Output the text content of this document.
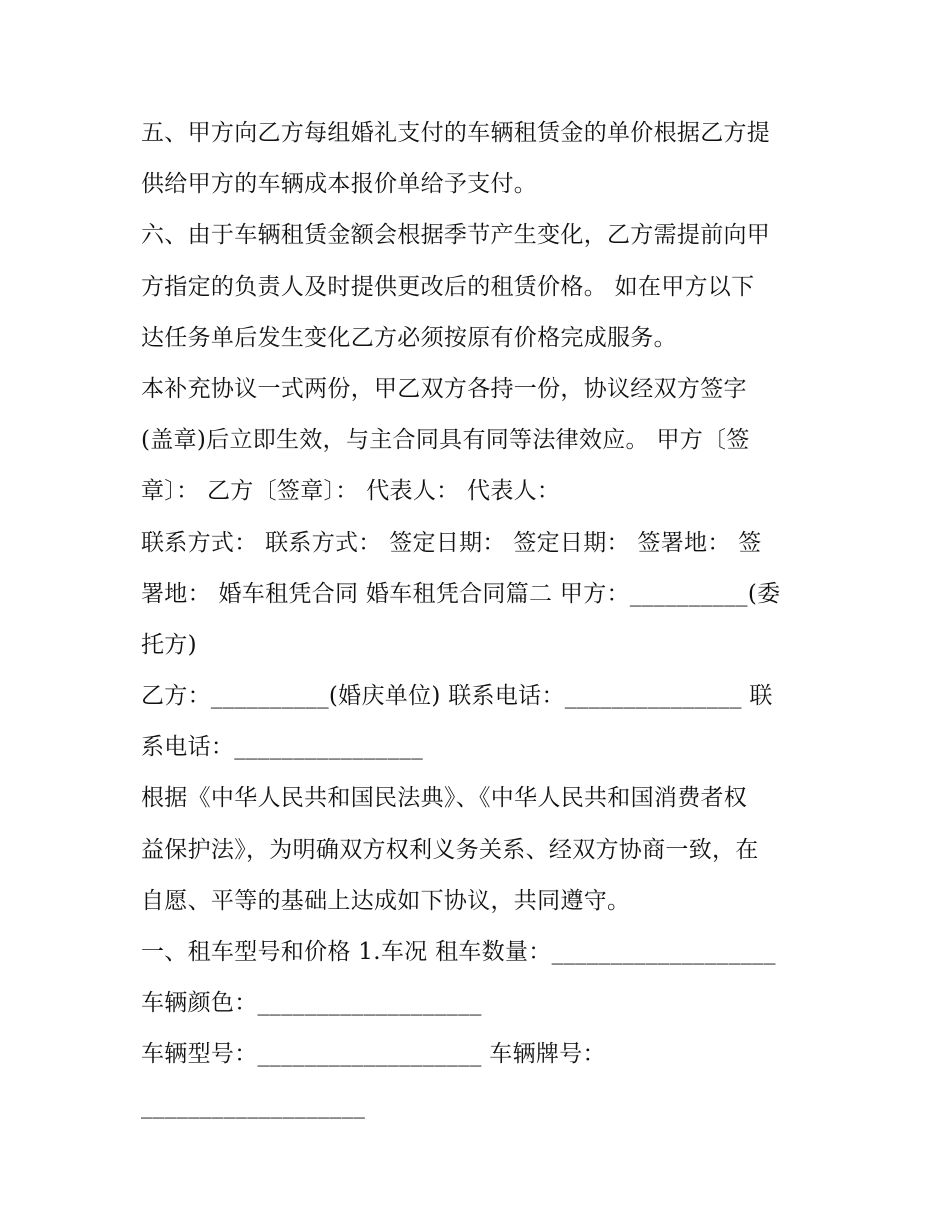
五、甲方向乙方每组婚礼支付的车辆租赁金的单价根据乙方提
供给甲方的车辆成本报价单给予支付。
六、由于车辆租赁金额会根据季节产生变化，乙方需提前向甲
方指定的负责人及时提供更改后的租赁价格。 如在甲方以下
达任务单后发生变化乙方必须按原有价格完成服务。
本补充协议一式两份，甲乙双方各持一份，协议经双方签字
(盖章)后立即生效，与主合同具有同等法律效应。 甲方〔签
章〕： 乙方〔签章〕： 代表人： 代表人：
联系方式： 联系方式： 签定日期： 签定日期： 签署地： 签
署地： 婚车租凭合同 婚车租凭合同篇二 甲方：__________(委
托方)
乙方：__________(婚庆单位) 联系电话：_______________ 联
系电话：________________
根据《中华人民共和国民法典》、《中华人民共和国消费者权
益保护法》，为明确双方权利义务关系、经双方协商一致，在
自愿、平等的基础上达成如下协议，共同遵守。
一、租车型号和价格 1.车况 租车数量：___________________
车辆颜色：___________________
车辆型号：___________________ 车辆牌号：
___________________
